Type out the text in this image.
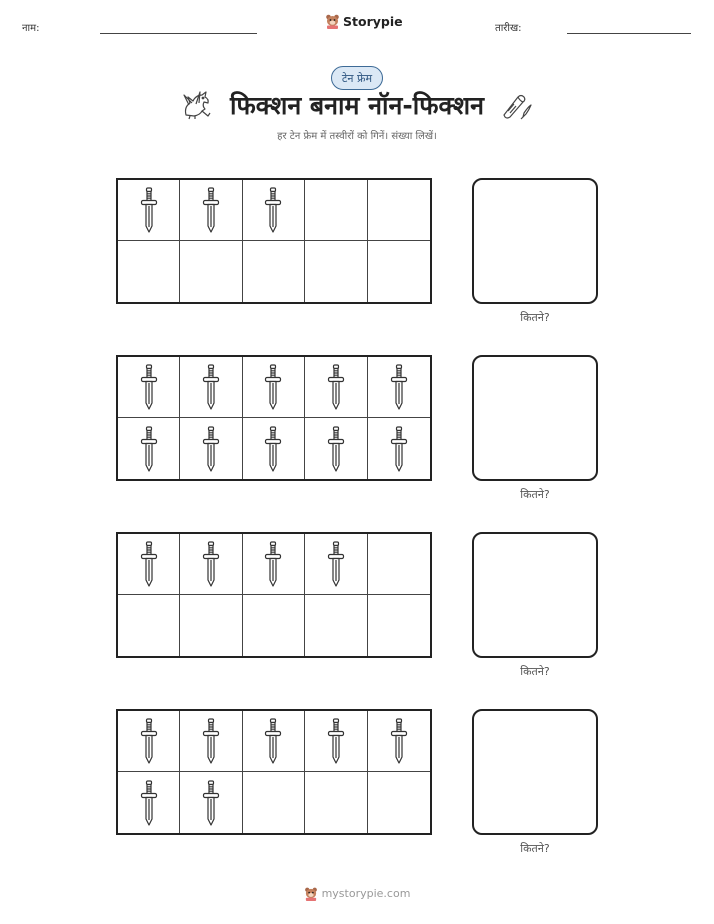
नाम:	Storypie	तारीख:
टेन फ्रेम
फिक्शन बनाम नॉन-फिक्शन
हर टेन फ्रेम में तस्वीरों को गिनें। संख्या लिखें।
कितने?
कितने?
कितने?
कितने?
mystorypie.com
